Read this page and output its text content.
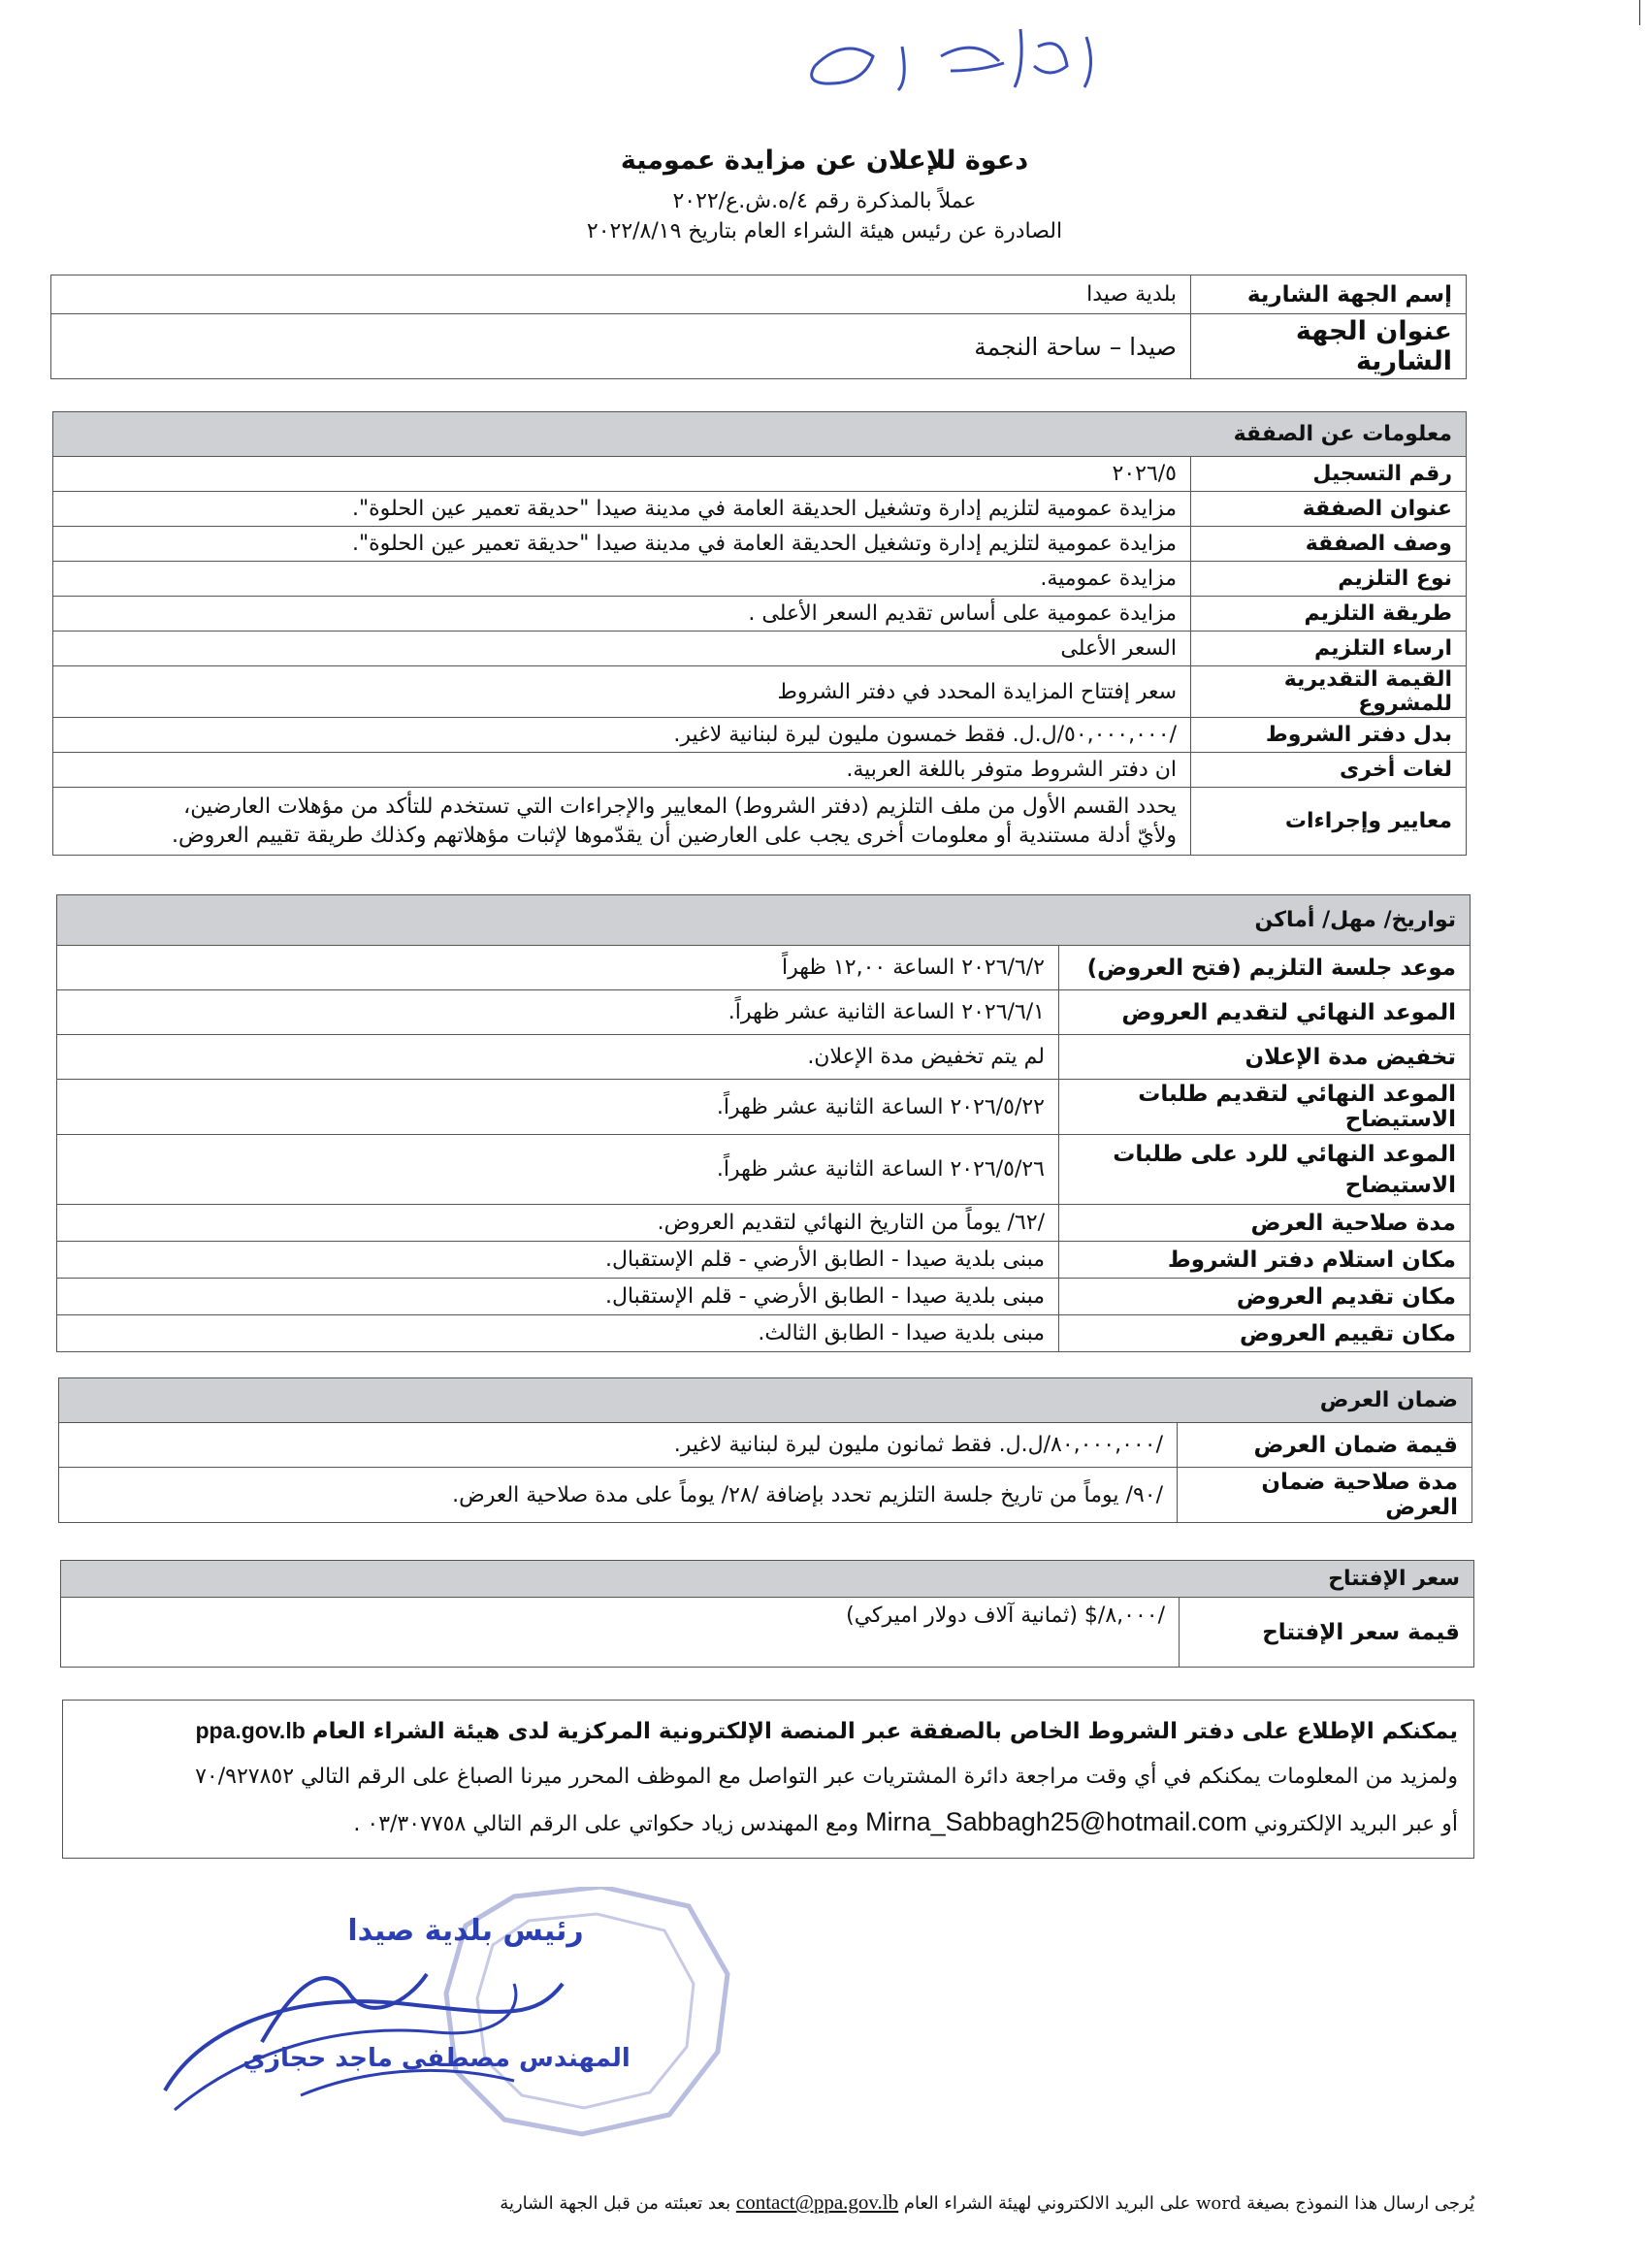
دعوة للإعلان عن مزايدة عمومية
عملاً بالمذكرة رقم ٤/ه.ش.ع/٢٠٢٢
الصادرة عن رئيس هيئة الشراء العام بتاريخ ٢٠٢٢/٨/١٩
إسم الجهة الشارية	بلدية صيدا
عنوان الجهة الشارية	صيدا – ساحة النجمة
معلومات عن الصفقة	
رقم التسجيل	٢٠٢٦/٥
عنوان الصفقة	مزايدة عمومية لتلزيم إدارة وتشغيل الحديقة العامة في مدينة صيدا "حديقة تعمير عين الحلوة".
وصف الصفقة	مزايدة عمومية لتلزيم إدارة وتشغيل الحديقة العامة في مدينة صيدا "حديقة تعمير عين الحلوة".
نوع التلزيم	مزايدة عمومية.
طريقة التلزيم	مزايدة عمومية على أساس تقديم السعر الأعلى .
ارساء التلزيم	السعر الأعلى
القيمة التقديرية للمشروع	سعر إفتتاح المزايدة المحدد في دفتر الشروط
بدل دفتر الشروط	/٥٠,٠٠٠,٠٠٠/ل.ل. فقط خمسون مليون ليرة لبنانية لاغير.
لغات أخرى	ان دفتر الشروط متوفر باللغة العربية.
معايير وإجراءات	يحدد القسم الأول من ملف التلزيم (دفتر الشروط) المعايير والإجراءات التي تستخدم للتأكد من مؤهلات العارضين،
ولأيّ أدلة مستندية أو معلومات أخرى يجب على العارضين أن يقدّموها لإثبات مؤهلاتهم وكذلك طريقة تقييم العروض.
تواريخ/ مهل/ أماكن	
موعد جلسة التلزيم (فتح العروض)	٢٠٢٦/٦/٢ الساعة ١٢,٠٠ ظهراً
الموعد النهائي لتقديم العروض	٢٠٢٦/٦/١ الساعة الثانية عشر ظهراً.
تخفيض مدة الإعلان	لم يتم تخفيض مدة الإعلان.
الموعد النهائي لتقديم طلبات الاستيضاح	٢٠٢٦/٥/٢٢ الساعة الثانية عشر ظهراً.

الموعد النهائي للرد على طلبات
الاستيضاح	٢٠٢٦/٥/٢٦ الساعة الثانية عشر ظهراً.
مدة صلاحية العرض	/٦٢/ يوماً من التاريخ النهائي لتقديم العروض.
مكان استلام دفتر الشروط	مبنى بلدية صيدا - الطابق الأرضي - قلم الإستقبال.
مكان تقديم العروض	مبنى بلدية صيدا - الطابق الأرضي - قلم الإستقبال.
مكان تقييم العروض	مبنى بلدية صيدا - الطابق الثالث.
ضمان العرض	
قيمة ضمان العرض	/٨٠,٠٠٠,٠٠٠/ل.ل. فقط ثمانون مليون ليرة لبنانية لاغير.
مدة صلاحية ضمان العرض	/٩٠/ يوماً من تاريخ جلسة التلزيم تحدد بإضافة /٢٨/ يوماً على مدة صلاحية العرض.
سعر الإفتتاح
قيمة سعر الإفتتاح	/٨,٠٠٠/$ (ثمانية آلاف دولار اميركي)
يمكنكم الإطلاع على دفتر الشروط الخاص بالصفقة عبر المنصة الإلكترونية المركزية لدى هيئة الشراء العام ppa.gov.lb
ولمزيد من المعلومات يمكنكم في أي وقت مراجعة دائرة المشتريات عبر التواصل مع الموظف المحرر ميرنا الصباغ على الرقم التالي ٧٠/٩٢٧٨٥٢
أو عبر البريد الإلكتروني Mirna_Sabbagh25@hotmail.com ومع المهندس زياد حكواتي على الرقم التالي ٠٣/٣٠٧٧٥٨ .
رئيس بلدية صيدا
المهندس مصطفى ماجد حجازي
يُرجى ارسال هذا النموذج بصيغة word على البريد الالكتروني لهيئة الشراء العام contact@ppa.gov.lb بعد تعبئته من قبل الجهة الشارية
